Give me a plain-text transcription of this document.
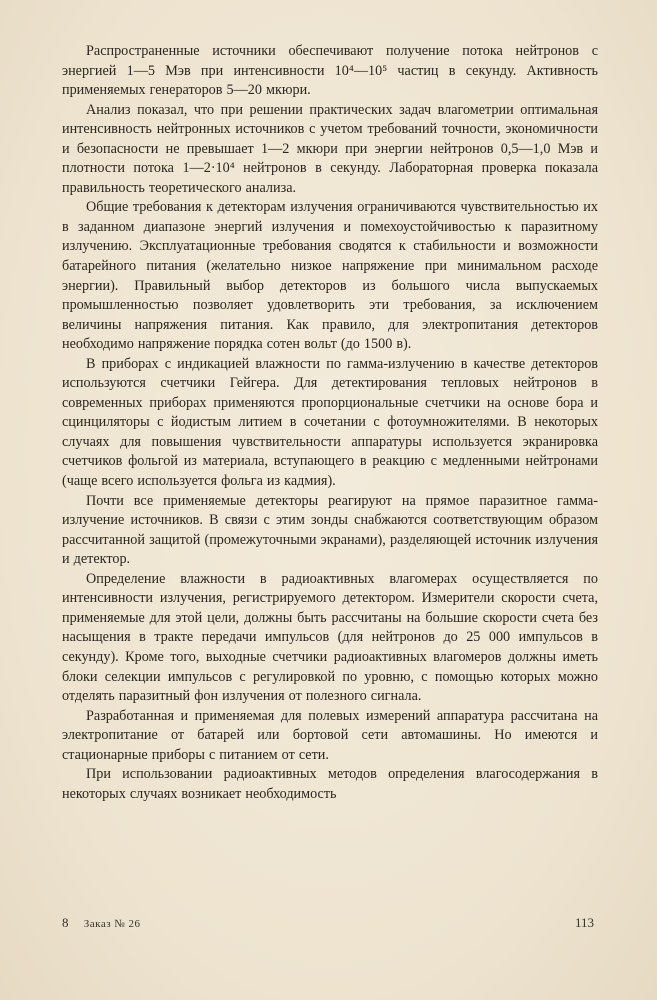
Распространенные источники обеспечивают получение потока нейтронов с энергией 1—5 Мэв при интенсивности 10⁴—10⁵ частиц в секунду. Активность применяемых генераторов 5—20 мкюри.

Анализ показал, что при решении практических задач влагометрии оптимальная интенсивность нейтронных источников с учетом требований точности, экономичности и безопасности не превышает 1—2 мкюри при энергии нейтронов 0,5—1,0 Мэв и плотности потока 1—2·10⁴ нейтронов в секунду. Лабораторная проверка показала правильность теоретического анализа.

Общие требования к детекторам излучения ограничиваются чувствительностью их в заданном диапазоне энергий излучения и помехоустойчивостью к паразитному излучению. Эксплуатационные требования сводятся к стабильности и возможности батарейного питания (желательно низкое напряжение при минимальном расходе энергии). Правильный выбор детекторов из большого числа выпускаемых промышленностью позволяет удовлетворить эти требования, за исключением величины напряжения питания. Как правило, для электропитания детекторов необходимо напряжение порядка сотен вольт (до 1500 в).

В приборах с индикацией влажности по гамма-излучению в качестве детекторов используются счетчики Гейгера. Для детектирования тепловых нейтронов в современных приборах применяются пропорциональные счетчики на основе бора и сцинциляторы с йодистым литием в сочетании с фотоумножителями. В некоторых случаях для повышения чувствительности аппаратуры используется экранировка счетчиков фольгой из материала, вступающего в реакцию с медленными нейтронами (чаще всего используется фольга из кадмия).

Почти все применяемые детекторы реагируют на прямое паразитное гамма-излучение источников. В связи с этим зонды снабжаются соответствующим образом рассчитанной защитой (промежуточными экранами), разделяющей источник излучения и детектор.

Определение влажности в радиоактивных влагомерах осуществляется по интенсивности излучения, регистрируемого детектором. Измерители скорости счета, применяемые для этой цели, должны быть рассчитаны на большие скорости счета без насыщения в тракте передачи импульсов (для нейтронов до 25 000 импульсов в секунду). Кроме того, выходные счетчики радиоактивных влагомеров должны иметь блоки селекции импульсов с регулировкой по уровню, с помощью которых можно отделять паразитный фон излучения от полезного сигнала.

Разработанная и применяемая для полевых измерений аппаратура рассчитана на электропитание от батарей или бортовой сети автомашины. Но имеются и стационарные приборы с питанием от сети.

При использовании радиоактивных методов определения влагосодержания в некоторых случаях возникает необходимость

8 Заказ № 26	113
